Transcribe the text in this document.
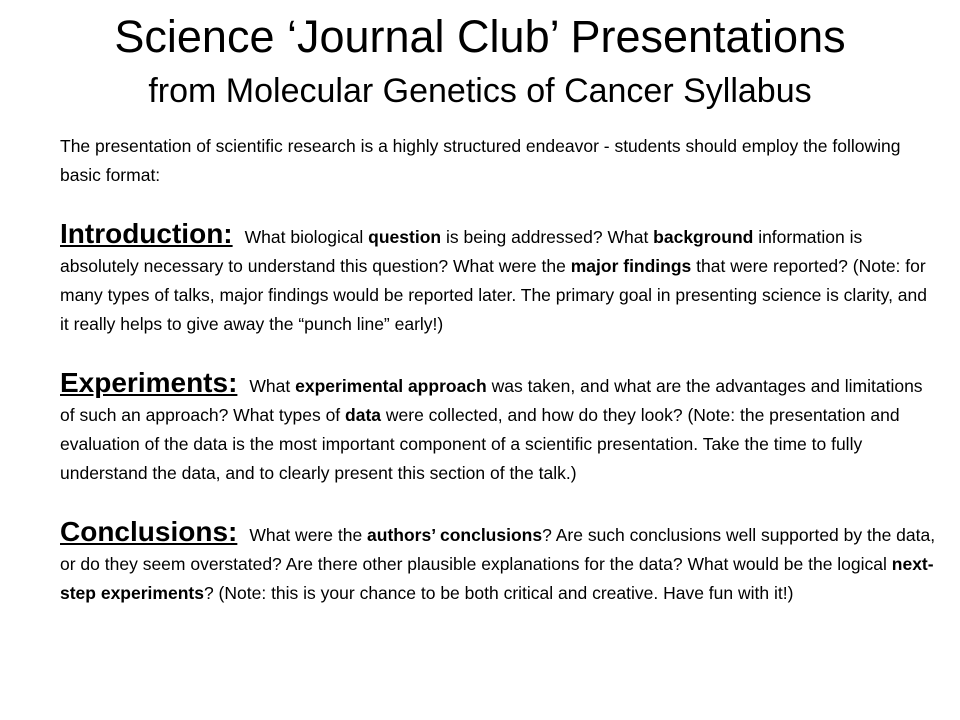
Science ‘Journal Club’ Presentations
from Molecular Genetics of Cancer Syllabus

The presentation of scientific research is a highly structured endeavor - students should employ the following basic format:

Introduction: What biological question is being addressed? What background information is absolutely necessary to understand this question? What were the major findings that were reported? (Note: for many types of talks, major findings would be reported later. The primary goal in presenting science is clarity, and it really helps to give away the “punch line” early!)

Experiments: What experimental approach was taken, and what are the advantages and limitations of such an approach? What types of data were collected, and how do they look? (Note: the presentation and evaluation of the data is the most important component of a scientific presentation. Take the time to fully understand the data, and to clearly present this section of the talk.)

Conclusions: What were the authors’ conclusions? Are such conclusions well supported by the data, or do they seem overstated? Are there other plausible explanations for the data? What would be the logical next-step experiments? (Note: this is your chance to be both critical and creative. Have fun with it!)
